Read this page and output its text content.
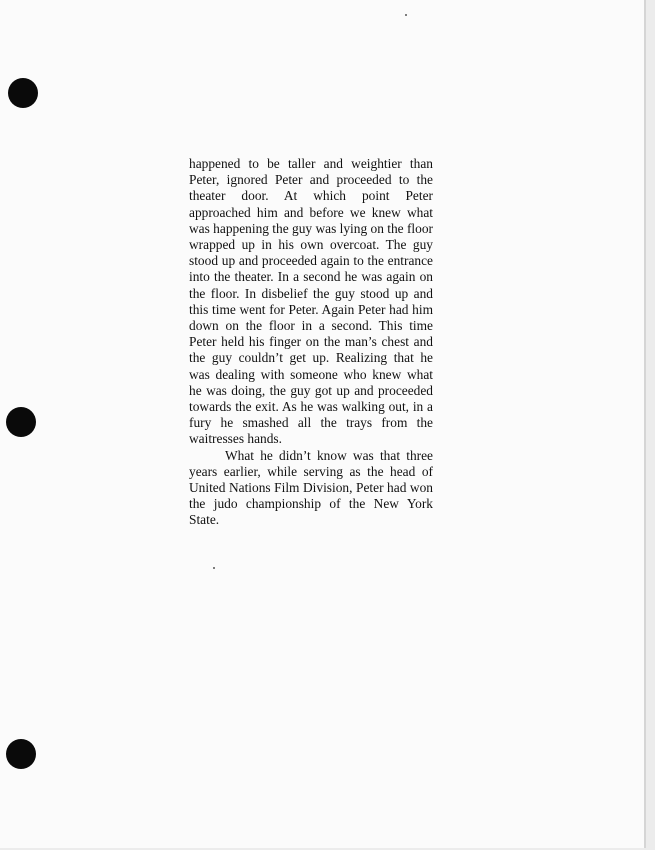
happened to be taller and weightier than Peter, ignored Peter and proceeded to the theater door. At which point Peter approached him and before we knew what was happening the guy was lying on the floor wrapped up in his own overcoat. The guy stood up and proceeded again to the entrance into the theater. In a second he was again on the floor. In disbelief the guy stood up and this time went for Peter. Again Peter had him down on the floor in a second. This time Peter held his finger on the man’s chest and the guy couldn’t get up. Realizing that he was dealing with someone who knew what he was doing, the guy got up and proceeded towards the exit. As he was walking out, in a fury he smashed all the trays from the waitresses hands.

What he didn’t know was that three years earlier, while serving as the head of United Nations Film Division, Peter had won the judo championship of the New York State.
